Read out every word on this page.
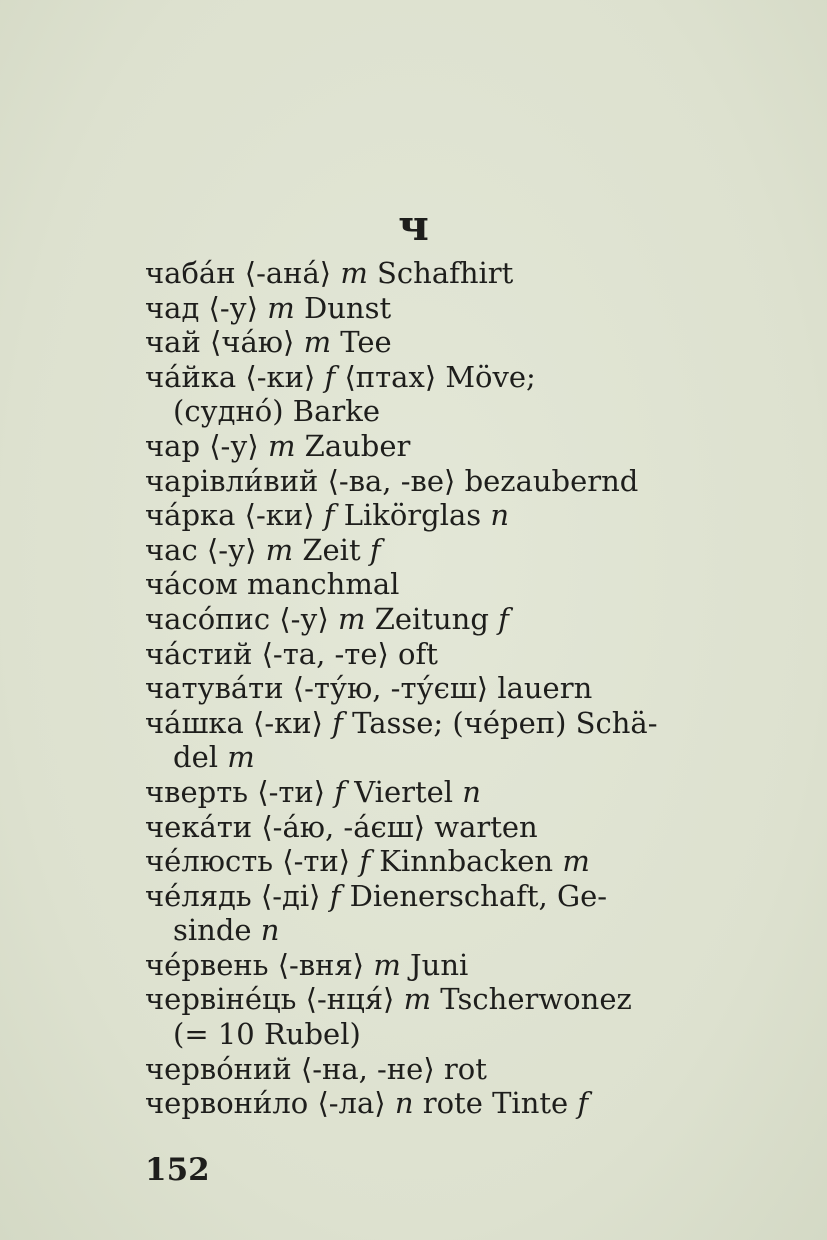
ч
чаба́н ⟨-ана́⟩ m Schafhirt
чад ⟨-у⟩ m Dunst
чай ⟨ча́ю⟩ m Tee
ча́йка ⟨-ки⟩ f ⟨птах⟩ Möve;
(судно́) Barke
чар ⟨-у⟩ m Zauber
чарівли́вий ⟨-ва, -ве⟩ bezaubernd
ча́рка ⟨-ки⟩ f Likörglas n
час ⟨-у⟩ m Zeit f
ча́сом manchmal
часо́пис ⟨-у⟩ m Zeitung f
ча́стий ⟨-та, -те⟩ oft
чатува́ти ⟨-ту́ю, -ту́єш⟩ lauern
ча́шка ⟨-ки⟩ f Tasse; (че́реп) Schä-
del m
чверть ⟨-ти⟩ f Viertel n
чека́ти ⟨-а́ю, -а́єш⟩ warten
че́люсть ⟨-ти⟩ f Kinnbacken m
че́лядь ⟨-ді⟩ f Dienerschaft, Ge-
sinde n
че́рвень ⟨-вня⟩ m Juni
червіне́ць ⟨-нця́⟩ m Tscherwonez
(= 10 Rubel)
черво́ний ⟨-на, -не⟩ rot
червони́ло ⟨-ла⟩ n rote Tinte f
152
